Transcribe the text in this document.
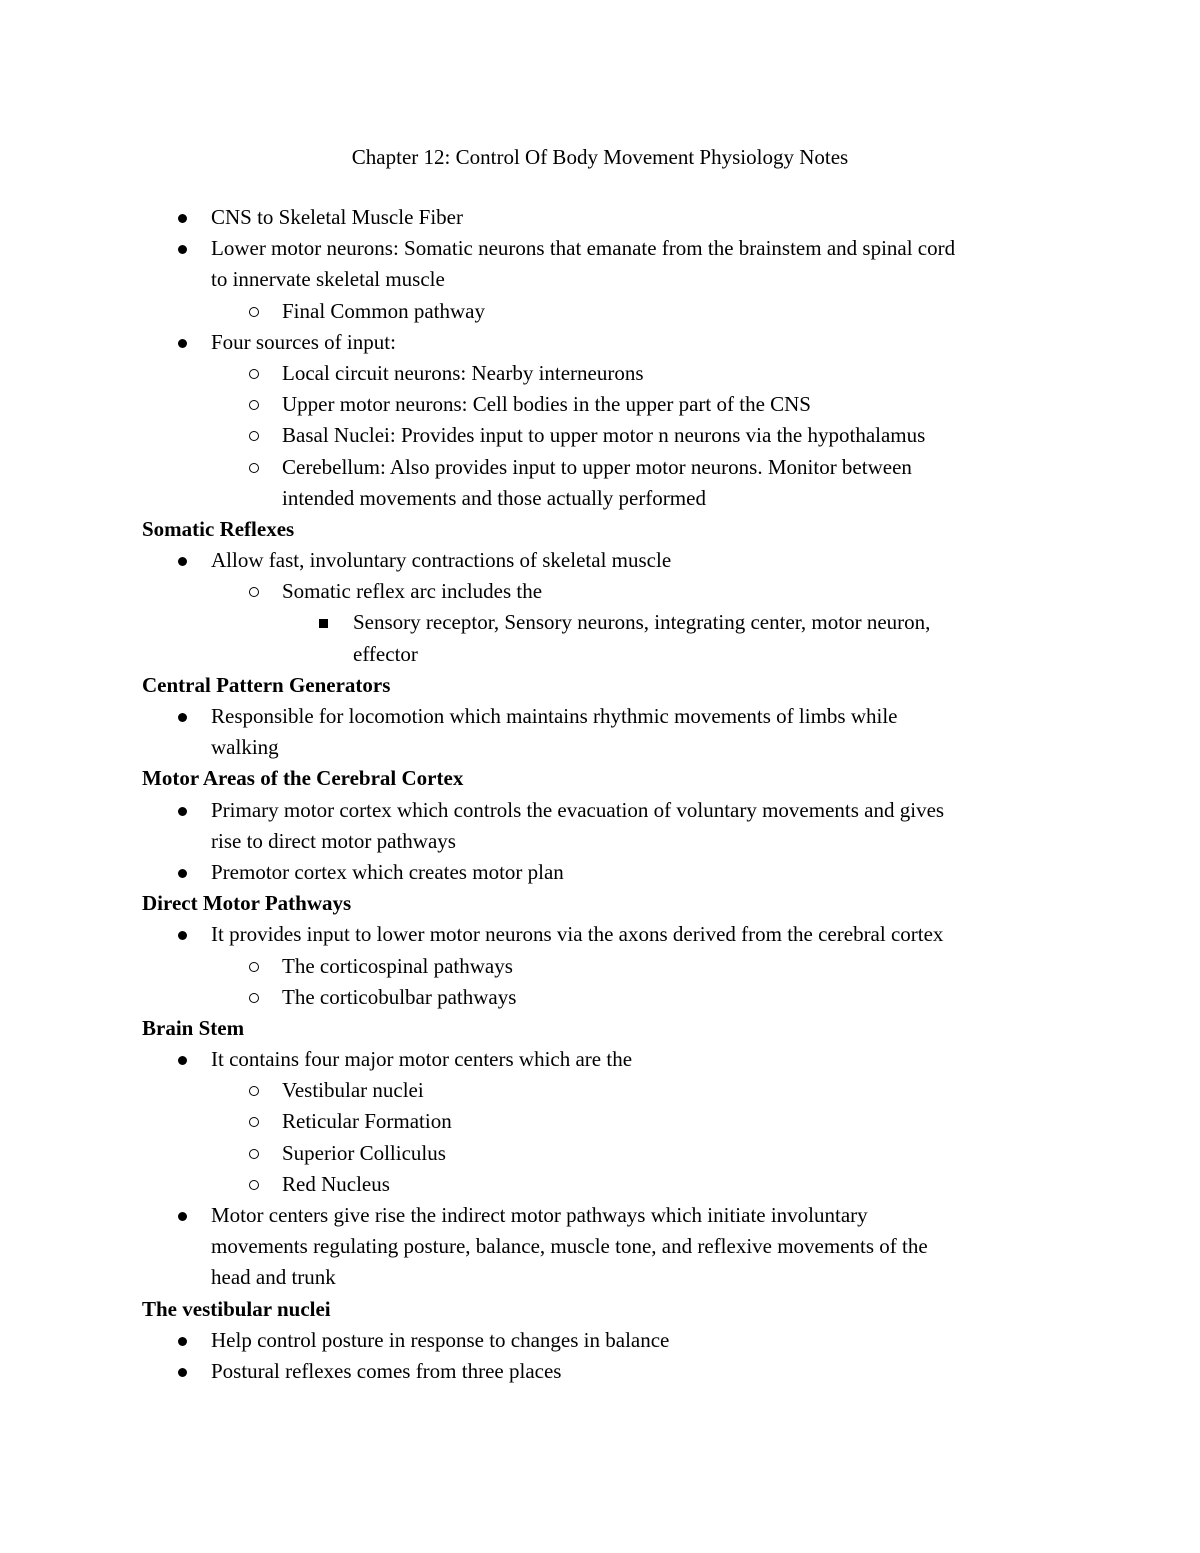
Chapter 12: Control Of Body Movement Physiology Notes
CNS to Skeletal Muscle Fiber
Lower motor neurons: Somatic neurons that emanate from the brainstem and spinal cord
to innervate skeletal muscle
Final Common pathway
Four sources of input:
Local circuit neurons: Nearby interneurons
Upper motor neurons: Cell bodies in the upper part of the CNS
Basal Nuclei: Provides input to upper motor n neurons via the hypothalamus
Cerebellum: Also provides input to upper motor neurons. Monitor between
intended movements and those actually performed
Somatic Reflexes
Allow fast, involuntary contractions of skeletal muscle
Somatic reflex arc includes the
Sensory receptor, Sensory neurons, integrating center, motor neuron,
effector
Central Pattern Generators
Responsible for locomotion which maintains rhythmic movements of limbs while
walking
Motor Areas of the Cerebral Cortex
Primary motor cortex which controls the evacuation of voluntary movements and gives
rise to direct motor pathways
Premotor cortex which creates motor plan
Direct Motor Pathways
It provides input to lower motor neurons via the axons derived from the cerebral cortex
The corticospinal pathways
The corticobulbar pathways
Brain Stem
It contains four major motor centers which are the
Vestibular nuclei
Reticular Formation
Superior Colliculus
Red Nucleus
Motor centers give rise the indirect motor pathways which initiate involuntary
movements regulating posture, balance, muscle tone, and reflexive movements of the
head and trunk
The vestibular nuclei
Help control posture in response to changes in balance
Postural reflexes comes from three places
